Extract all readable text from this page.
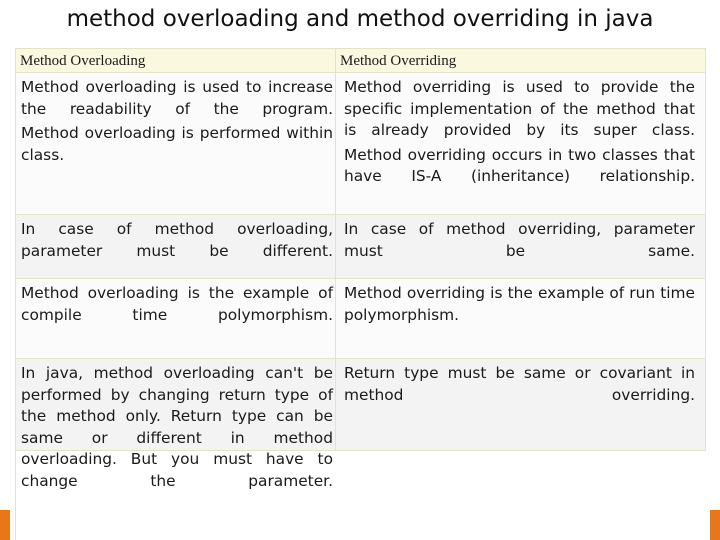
method overloading and method overriding in java
Method Overloading	Method Overriding
Method overloading is used to increase the readability of the program.
Method overloading is performed within class.
Method overriding is used to provide the specific implementation of the method that is already provided by its super class.
Method overriding occurs in two classes that have IS-A (inheritance) relationship.
In case of method overloading, parameter must be different.
In case of method overriding, parameter must be same.
Method overloading is the example of compile time polymorphism.
Method overriding is the example of run time polymorphism.
In java, method overloading can't be performed by changing return type of the method only. Return type can be same or different in method overloading. But you must have to change the parameter.
Return type must be same or covariant in method overriding.
